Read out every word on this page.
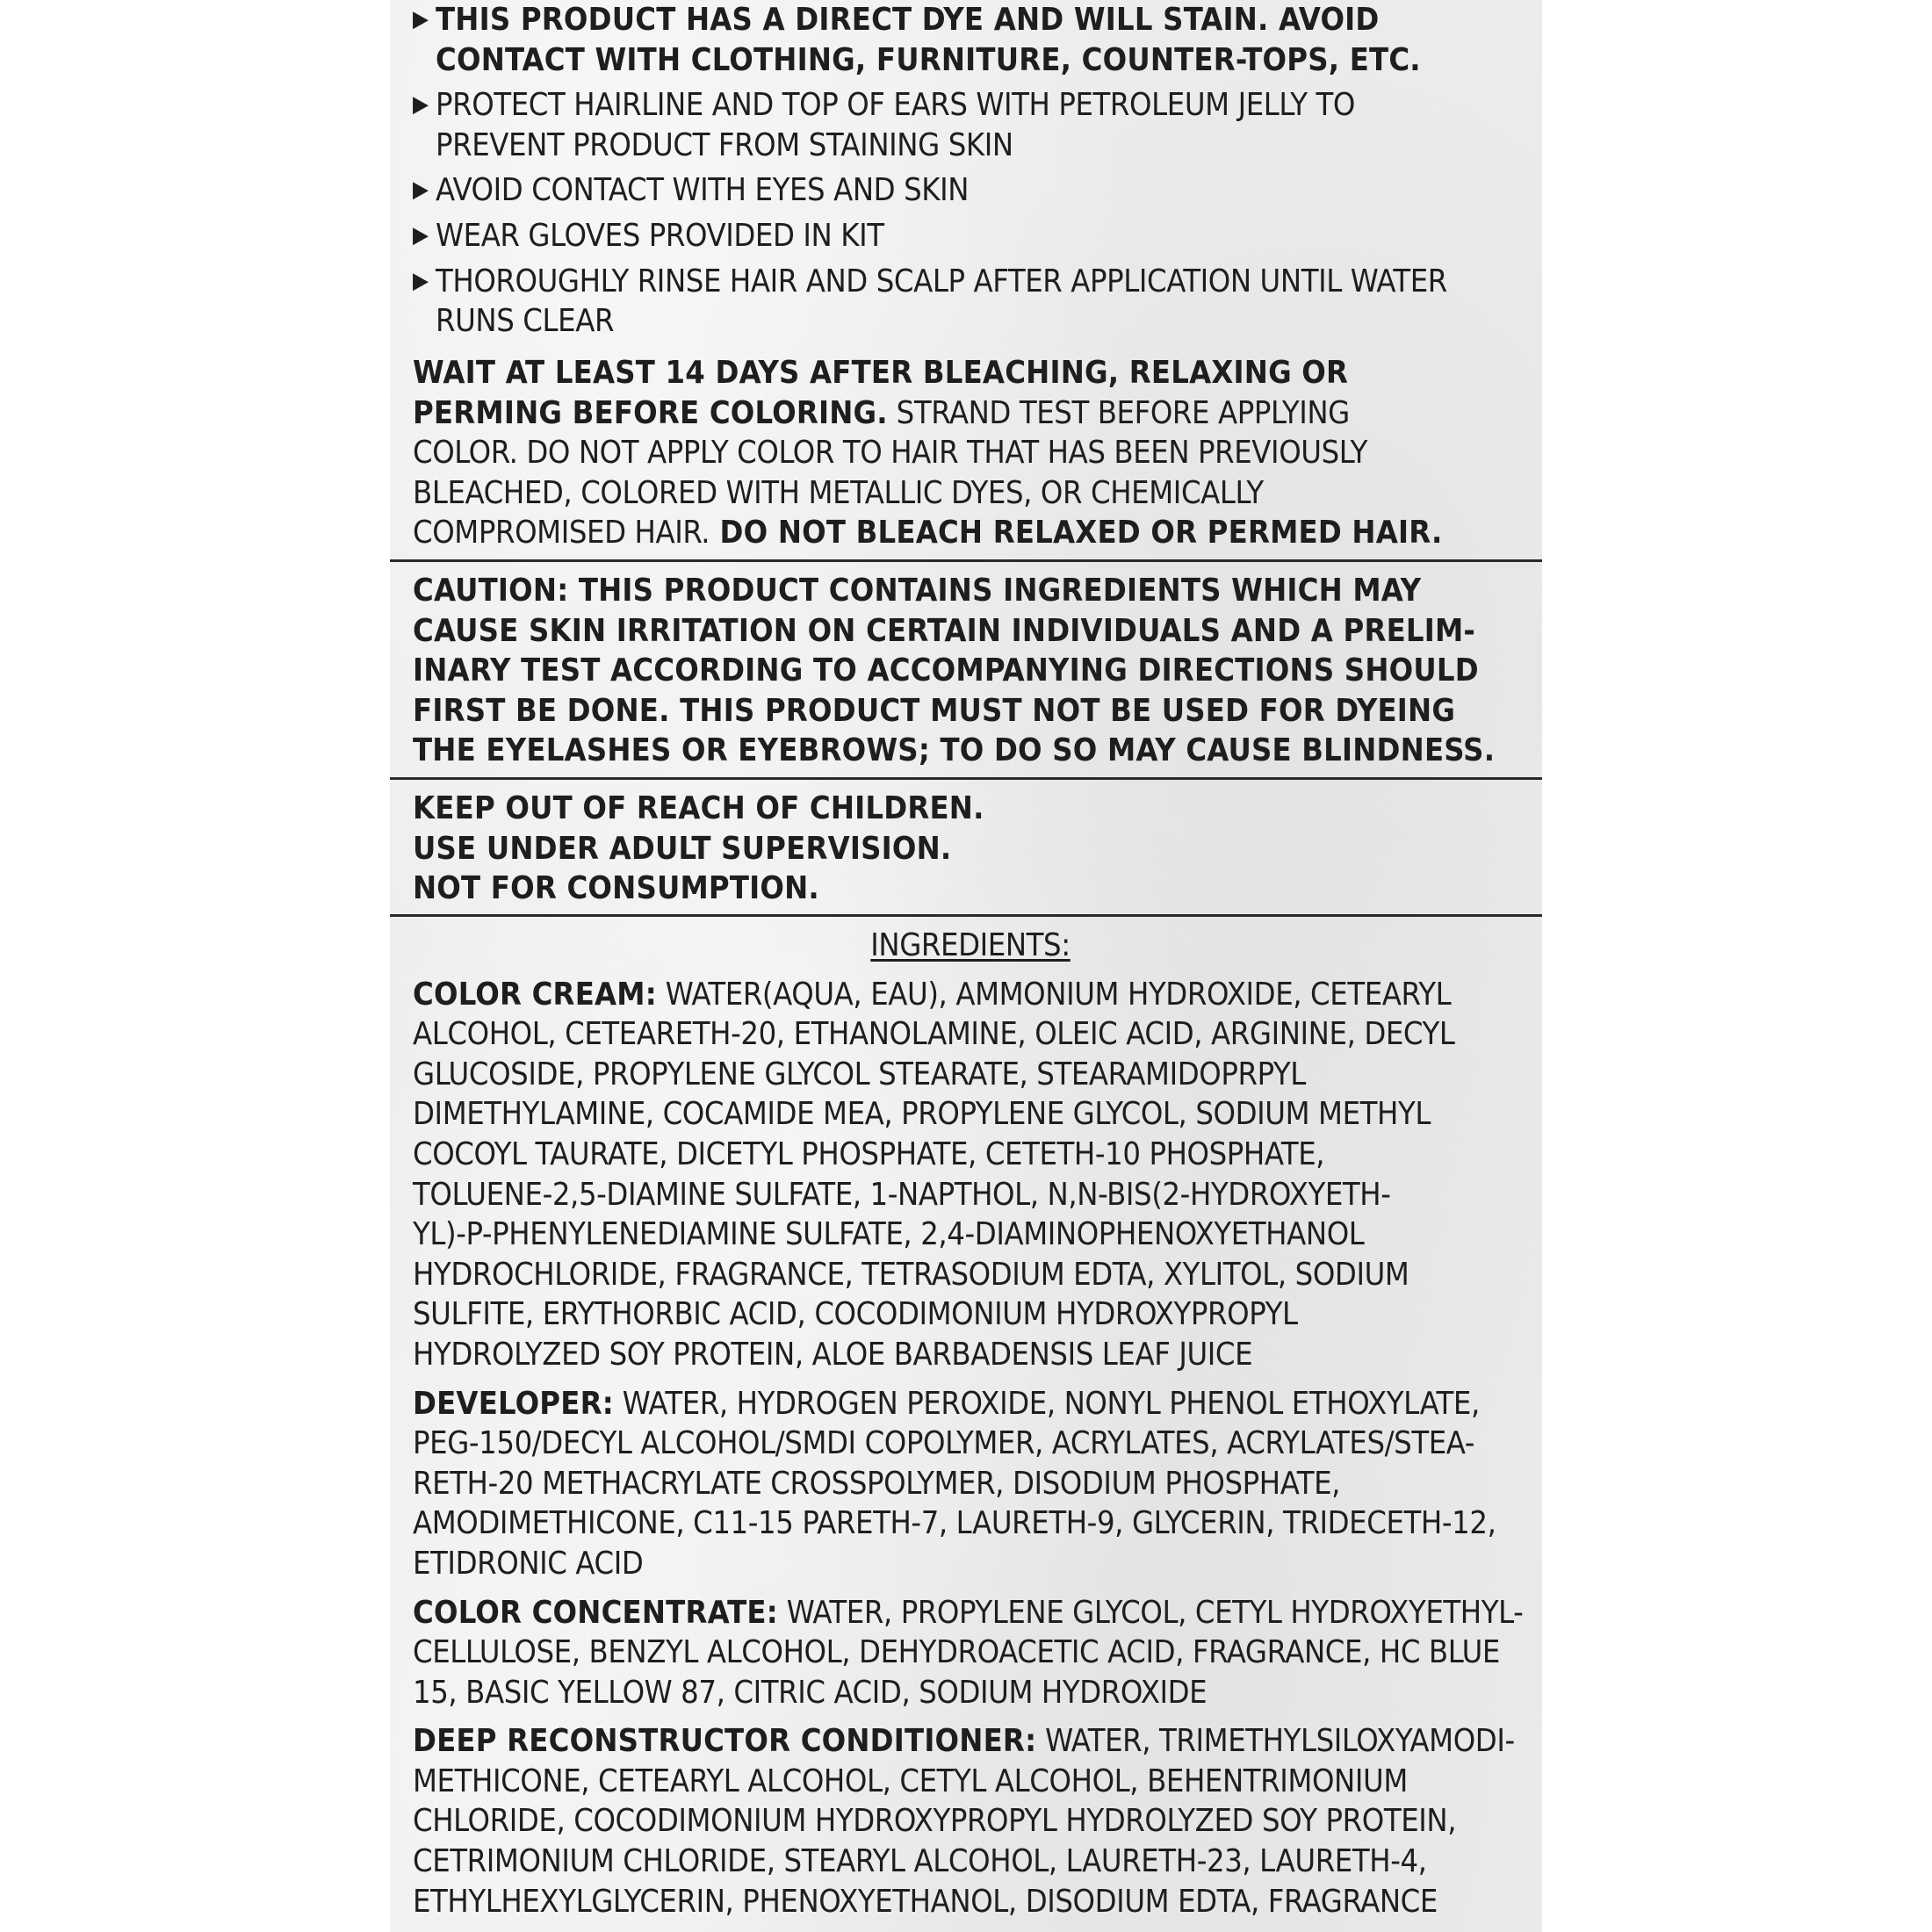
▶ THIS PRODUCT HAS A DIRECT DYE AND WILL STAIN. AVOID
CONTACT WITH CLOTHING, FURNITURE, COUNTER-TOPS, ETC.
▶ PROTECT HAIRLINE AND TOP OF EARS WITH PETROLEUM JELLY TO
PREVENT PRODUCT FROM STAINING SKIN
▶ AVOID CONTACT WITH EYES AND SKIN
▶ WEAR GLOVES PROVIDED IN KIT
▶ THOROUGHLY RINSE HAIR AND SCALP AFTER APPLICATION UNTIL WATER
RUNS CLEAR
WAIT AT LEAST 14 DAYS AFTER BLEACHING, RELAXING OR
PERMING BEFORE COLORING. STRAND TEST BEFORE APPLYING
COLOR. DO NOT APPLY COLOR TO HAIR THAT HAS BEEN PREVIOUSLY
BLEACHED, COLORED WITH METALLIC DYES, OR CHEMICALLY
COMPROMISED HAIR. DO NOT BLEACH RELAXED OR PERMED HAIR.
CAUTION: THIS PRODUCT CONTAINS INGREDIENTS WHICH MAY
CAUSE SKIN IRRITATION ON CERTAIN INDIVIDUALS AND A PRELIM-
INARY TEST ACCORDING TO ACCOMPANYING DIRECTIONS SHOULD
FIRST BE DONE. THIS PRODUCT MUST NOT BE USED FOR DYEING
THE EYELASHES OR EYEBROWS; TO DO SO MAY CAUSE BLINDNESS.
KEEP OUT OF REACH OF CHILDREN.
USE UNDER ADULT SUPERVISION.
NOT FOR CONSUMPTION.
INGREDIENTS:
COLOR CREAM: WATER(AQUA, EAU), AMMONIUM HYDROXIDE, CETEARYL
ALCOHOL, CETEARETH-20, ETHANOLAMINE, OLEIC ACID, ARGININE, DECYL
GLUCOSIDE, PROPYLENE GLYCOL STEARATE, STEARAMIDOPRPYL
DIMETHYLAMINE, COCAMIDE MEA, PROPYLENE GLYCOL, SODIUM METHYL
COCOYL TAURATE, DICETYL PHOSPHATE, CETETH-10 PHOSPHATE,
TOLUENE-2,5-DIAMINE SULFATE, 1-NAPTHOL, N,N-BIS(2-HYDROXYETH-
YL)-P-PHENYLENEDIAMINE SULFATE, 2,4-DIAMINOPHENOXYETHANOL
HYDROCHLORIDE, FRAGRANCE, TETRASODIUM EDTA, XYLITOL, SODIUM
SULFITE, ERYTHORBIC ACID, COCODIMONIUM HYDROXYPROPYL
HYDROLYZED SOY PROTEIN, ALOE BARBADENSIS LEAF JUICE
DEVELOPER: WATER, HYDROGEN PEROXIDE, NONYL PHENOL ETHOXYLATE,
PEG-150/DECYL ALCOHOL/SMDI COPOLYMER, ACRYLATES, ACRYLATES/STEA-
RETH-20 METHACRYLATE CROSSPOLYMER, DISODIUM PHOSPHATE,
AMODIMETHICONE, C11-15 PARETH-7, LAURETH-9, GLYCERIN, TRIDECETH-12,
ETIDRONIC ACID
COLOR CONCENTRATE: WATER, PROPYLENE GLYCOL, CETYL HYDROXYETHYL-
CELLULOSE, BENZYL ALCOHOL, DEHYDROACETIC ACID, FRAGRANCE, HC BLUE
15, BASIC YELLOW 87, CITRIC ACID, SODIUM HYDROXIDE
DEEP RECONSTRUCTOR CONDITIONER: WATER, TRIMETHYLSILOXYAMODI-
METHICONE, CETEARYL ALCOHOL, CETYL ALCOHOL, BEHENTRIMONIUM
CHLORIDE, COCODIMONIUM HYDROXYPROPYL HYDROLYZED SOY PROTEIN,
CETRIMONIUM CHLORIDE, STEARYL ALCOHOL, LAURETH-23, LAURETH-4,
ETHYLHEXYLGLYCERIN, PHENOXYETHANOL, DISODIUM EDTA, FRAGRANCE
